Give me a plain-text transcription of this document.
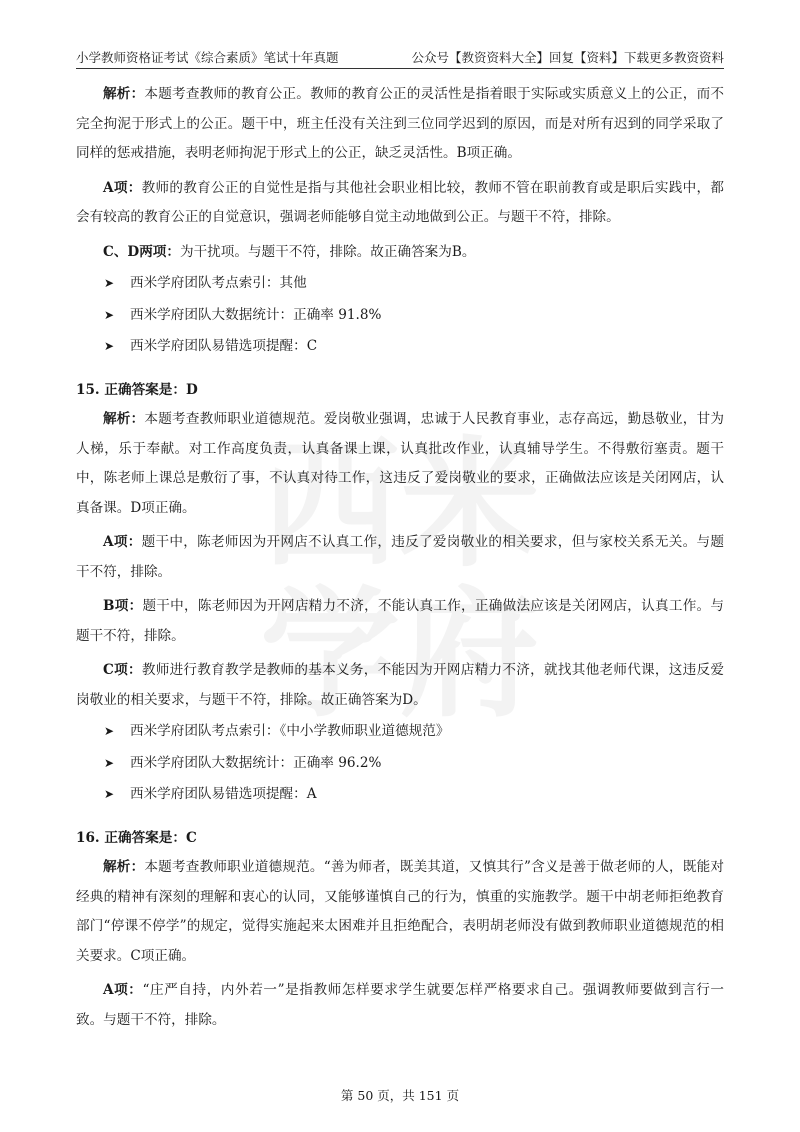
小学教师资格证考试《综合素质》笔试十年真题	公众号【教资资料大全】回复【资料】下载更多教资资料

解析：本题考查教师的教育公正。教师的教育公正的灵活性是指着眼于实际或实质意义上的公正，而不完全拘泥于形式上的公正。题干中，班主任没有关注到三位同学迟到的原因，而是对所有迟到的同学采取了同样的惩戒措施，表明老师拘泥于形式上的公正，缺乏灵活性。B项正确。

A项：教师的教育公正的自觉性是指与其他社会职业相比较，教师不管在职前教育或是职后实践中，都会有较高的教育公正的自觉意识，强调老师能够自觉主动地做到公正。与题干不符，排除。

C、D两项：为干扰项。与题干不符，排除。故正确答案为B。

➤ 西米学府团队考点索引：其他
➤ 西米学府团队大数据统计：正确率 91.8%
➤ 西米学府团队易错选项提醒：C
15. 正确答案是：D

解析：本题考查教师职业道德规范。爱岗敬业强调，忠诚于人民教育事业，志存高远，勤恳敬业，甘为人梯，乐于奉献。对工作高度负责，认真备课上课，认真批改作业，认真辅导学生。不得敷衍塞责。题干中，陈老师上课总是敷衍了事，不认真对待工作，这违反了爱岗敬业的要求，正确做法应该是关闭网店，认真备课。D项正确。

A项：题干中，陈老师因为开网店不认真工作，违反了爱岗敬业的相关要求，但与家校关系无关。与题干不符，排除。

B项：题干中，陈老师因为开网店精力不济，不能认真工作，正确做法应该是关闭网店，认真工作。与题干不符，排除。

C项：教师进行教育教学是教师的基本义务，不能因为开网店精力不济，就找其他老师代课，这违反爱岗敬业的相关要求，与题干不符，排除。故正确答案为D。

➤ 西米学府团队考点索引：《中小学教师职业道德规范》
➤ 西米学府团队大数据统计：正确率 96.2%
➤ 西米学府团队易错选项提醒：A
16. 正确答案是：C

解析：本题考查教师职业道德规范。“善为师者，既美其道，又慎其行”含义是善于做老师的人，既能对经典的精神有深刻的理解和衷心的认同，又能够谨慎自己的行为，慎重的实施教学。题干中胡老师拒绝教育部门“停课不停学”的规定，觉得实施起来太困难并且拒绝配合，表明胡老师没有做到教师职业道德规范的相关要求。C项正确。

A项：“庄严自持，内外若一”是指教师怎样要求学生就要怎样严格要求自己。强调教师要做到言行一致。与题干不符，排除。

第 50 页，共 151 页
